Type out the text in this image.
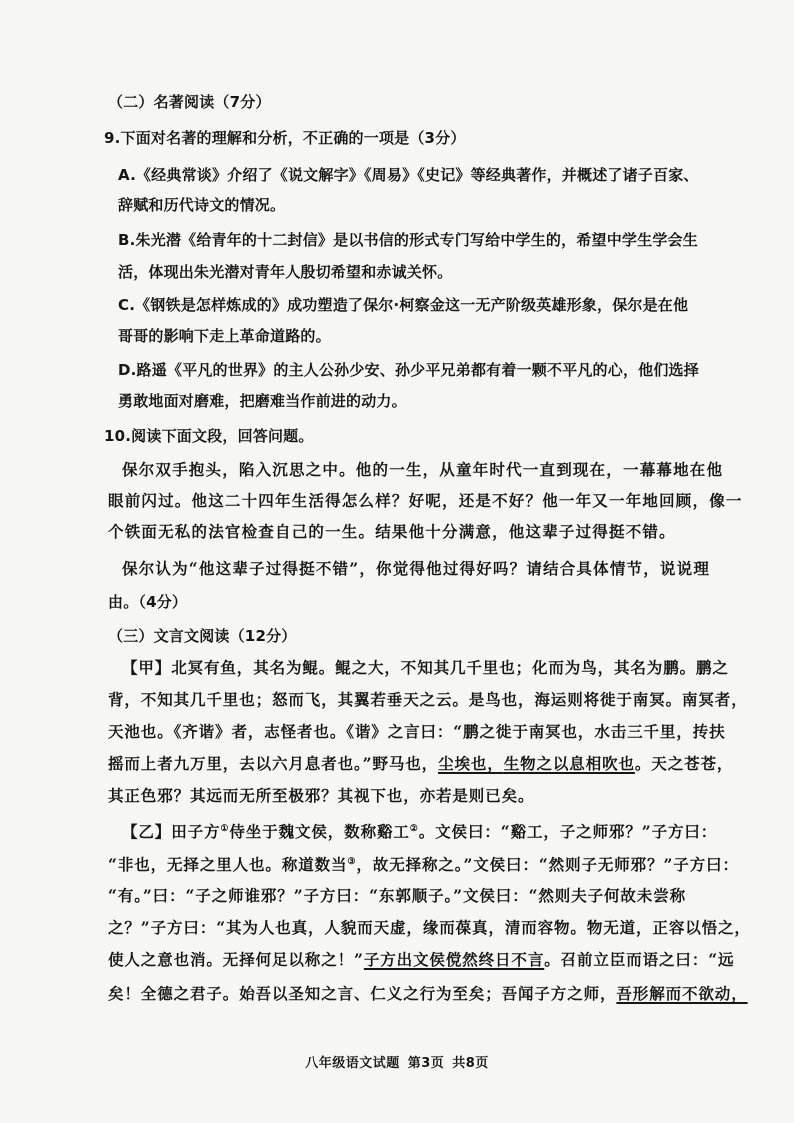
（二）名著阅读（7分）
9.下面对名著的理解和分析，不正确的一项是（3分）
A.《经典常谈》介绍了《说文解字》《周易》《史记》等经典著作，并概述了诸子百家、
辞赋和历代诗文的情况。
B.朱光潜《给青年的十二封信》是以书信的形式专门写给中学生的，希望中学生学会生
活，体现出朱光潜对青年人殷切希望和赤诚关怀。
C.《钢铁是怎样炼成的》成功塑造了保尔·柯察金这一无产阶级英雄形象，保尔是在他
哥哥的影响下走上革命道路的。
D.路遥《平凡的世界》的主人公孙少安、孙少平兄弟都有着一颗不平凡的心，他们选择
勇敢地面对磨难，把磨难当作前进的动力。
10.阅读下面文段，回答问题。
保尔双手抱头，陷入沉思之中。他的一生，从童年时代一直到现在，一幕幕地在他
眼前闪过。他这二十四年生活得怎么样？好呢，还是不好？他一年又一年地回顾，像一
个铁面无私的法官检查自己的一生。结果他十分满意，他这辈子过得挺不错。
保尔认为“他这辈子过得挺不错”，你觉得他过得好吗？请结合具体情节，说说理
由。（4分）
（三）文言文阅读（12分）
【甲】北冥有鱼，其名为鲲。鲲之大，不知其几千里也；化而为鸟，其名为鹏。鹏之
背，不知其几千里也；怒而飞，其翼若垂天之云。是鸟也，海运则将徙于南冥。南冥者，
天池也。《齐谐》者，志怪者也。《谐》之言曰：“鹏之徙于南冥也，水击三千里，抟扶
摇而上者九万里，去以六月息者也。”野马也，尘埃也，生物之以息相吹也。天之苍苍，
其正色邪？其远而无所至极邪？其视下也，亦若是则已矣。
【乙】田子方①侍坐于魏文侯，数称谿工②。文侯曰：“谿工，子之师邪？”子方曰：
“非也，无择之里人也。称道数当③，故无择称之。”文侯曰：“然则子无师邪？”子方曰：
“有。”曰：“子之师谁邪？”子方曰：“东郭顺子。”文侯曰：“然则夫子何故未尝称
之？”子方曰：“其为人也真，人貌而天虚，缘而葆真，清而容物。物无道，正容以悟之，
使人之意也消。无择何足以称之！”子方出文侯傥然终日不言。召前立臣而语之曰：“远
矣！全德之君子。始吾以圣知之言、仁义之行为至矣；吾闻子方之师，吾形解而不欲动，
八年级语文试题 第3页 共8页
